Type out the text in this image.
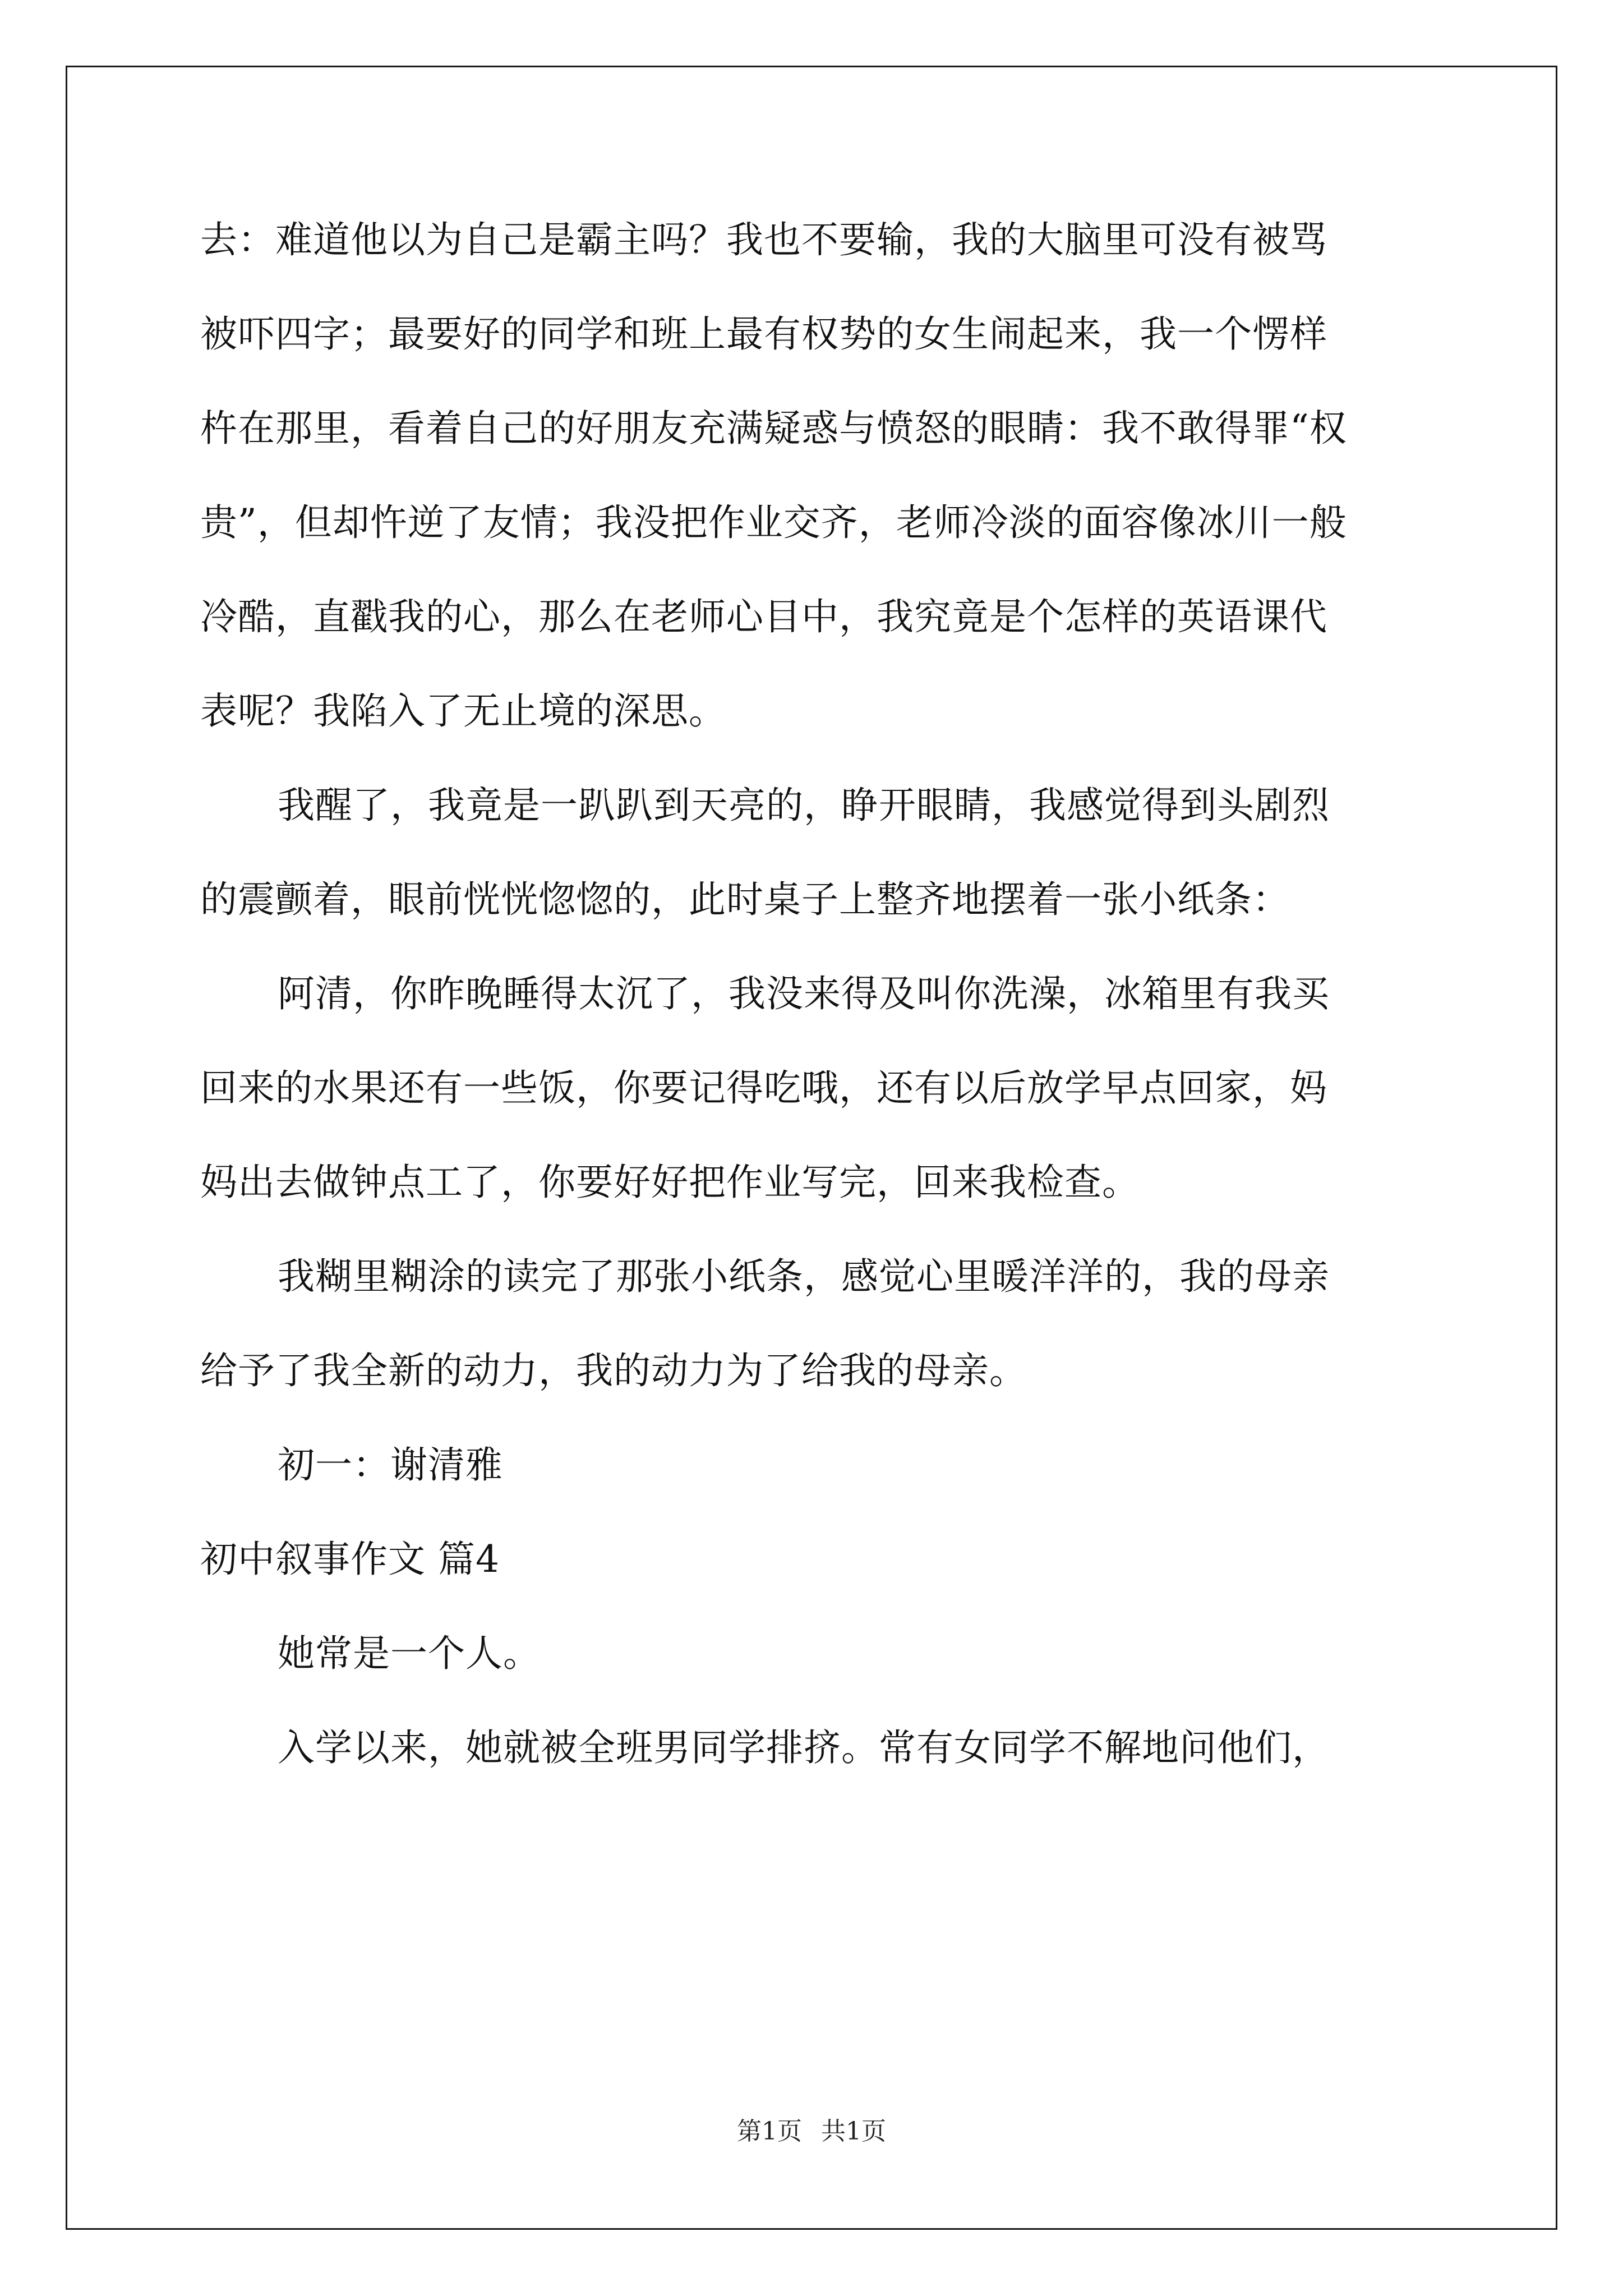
去：难道他以为自己是霸主吗？我也不要输，我的大脑里可没有被骂

被吓四字；最要好的同学和班上最有权势的女生闹起来，我一个愣样

杵在那里，看着自己的好朋友充满疑惑与愤怒的眼睛：我不敢得罪“权

贵”，但却忤逆了友情；我没把作业交齐，老师冷淡的面容像冰川一般

冷酷，直戳我的心，那么在老师心目中，我究竟是个怎样的英语课代

表呢？我陷入了无止境的深思。

我醒了，我竟是一趴趴到天亮的，睁开眼睛，我感觉得到头剧烈

的震颤着，眼前恍恍惚惚的，此时桌子上整齐地摆着一张小纸条：

阿清，你昨晚睡得太沉了，我没来得及叫你洗澡，冰箱里有我买

回来的水果还有一些饭，你要记得吃哦，还有以后放学早点回家，妈

妈出去做钟点工了，你要好好把作业写完，回来我检查。

我糊里糊涂的读完了那张小纸条，感觉心里暖洋洋的，我的母亲

给予了我全新的动力，我的动力为了给我的母亲。

初一：谢清雅

初中叙事作文 篇4

她常是一个人。

入学以来，她就被全班男同学排挤。常有女同学不解地问他们，

第1页 共1页
